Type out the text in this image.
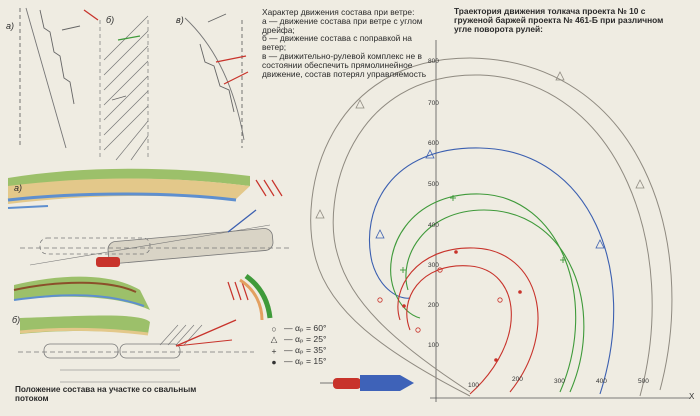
Характер движения состава при ветре:
а — движение состава при ветре с углом дрейфа;
б — движение состава с поправкой на ветер;
в — движительно-рулевой комплекс не в состоянии обеспечить прямолинейное движение, состав потерял управляемость
Траектория движения толкача проекта № 10 с груженой баржей проекта № 461-Б при различном угле поворота рулей:
Положение состава на участке со свальным потоком
а)
б)	в)
а)
б)
○ — αₚ = 60°
△ — αₚ = 25°
+ — αₚ = 35°
● — αₚ = 15°
X
800
700
600
500
400
300
200
100
100
200	300	400	500
